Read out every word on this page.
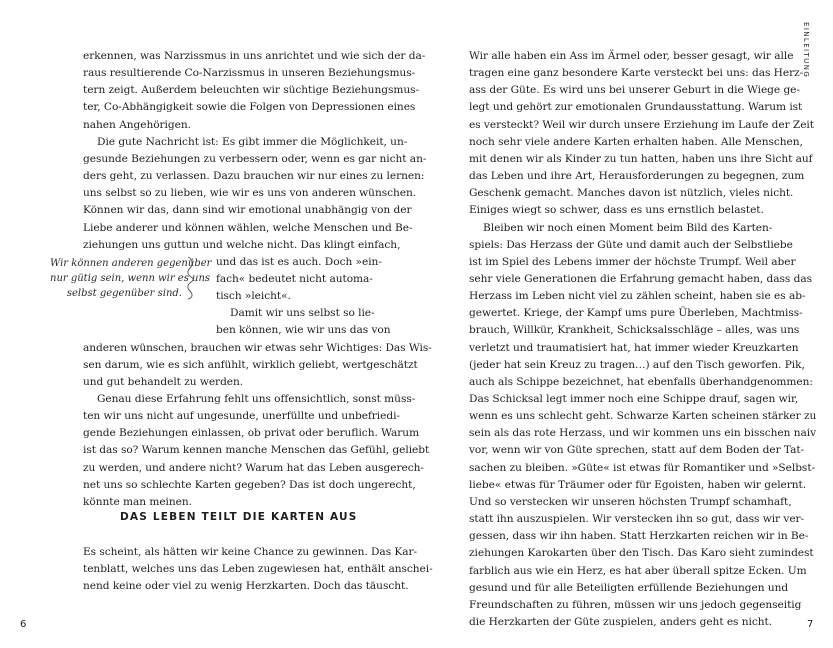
erkennen, was Narzissmus in uns anrichtet und wie sich der da-
raus resultierende Co-Narzissmus in unseren Beziehungsmus-
tern zeigt. Außerdem beleuchten wir süchtige Beziehungsmus-
ter, Co-Abhängigkeit sowie die Folgen von Depressionen eines
nahen Angehörigen.
Die gute Nachricht ist: Es gibt immer die Möglichkeit, un-
gesunde Beziehungen zu verbessern oder, wenn es gar nicht an-
ders geht, zu verlassen. Dazu brauchen wir nur eines zu lernen:
uns selbst so zu lieben, wie wir es uns von anderen wünschen.
Können wir das, dann sind wir emotional unabhängig von der
Liebe anderer und können wählen, welche Menschen und Be-
ziehungen uns guttun und welche nicht. Das klingt einfach,
und das ist es auch. Doch »ein-
fach« bedeutet nicht automa-
tisch »leicht«.
Damit wir uns selbst so lie-
ben können, wie wir uns das von
anderen wünschen, brauchen wir etwas sehr Wichtiges: Das Wis-
sen darum, wie es sich anfühlt, wirklich geliebt, wertgeschätzt
und gut behandelt zu werden.
Genau diese Erfahrung fehlt uns offensichtlich, sonst müss-
ten wir uns nicht auf ungesunde, unerfüllte und unbefriedi-
gende Beziehungen einlassen, ob privat oder beruflich. Warum
ist das so? Warum kennen manche Menschen das Gefühl, geliebt
zu werden, und andere nicht? Warum hat das Leben ausgerech-
net uns so schlechte Karten gegeben? Das ist doch ungerecht,
könnte man meinen.
Es scheint, als hätten wir keine Chance zu gewinnen. Das Kar-
tenblatt, welches uns das Leben zugewiesen hat, enthält anschei-
nend keine oder viel zu wenig Herzkarten. Doch das täuscht.
Wir können anderen gegenüber
nur gütig sein, wenn wir es uns
selbst gegenüber sind.
DAS LEBEN TEILT DIE KARTEN AUS
6
Wir alle haben ein Ass im Ärmel oder, besser gesagt, wir alle
tragen eine ganz besondere Karte versteckt bei uns: das Herz-
ass der Güte. Es wird uns bei unserer Geburt in die Wiege ge-
legt und gehört zur emotionalen Grundausstattung. Warum ist
es versteckt? Weil wir durch unsere Erziehung im Laufe der Zeit
noch sehr viele andere Karten erhalten haben. Alle Menschen,
mit denen wir als Kinder zu tun hatten, haben uns ihre Sicht auf
das Leben und ihre Art, Herausforderungen zu begegnen, zum
Geschenk gemacht. Manches davon ist nützlich, vieles nicht.
Einiges wiegt so schwer, dass es uns ernstlich belastet.
Bleiben wir noch einen Moment beim Bild des Karten-
spiels: Das Herzass der Güte und damit auch der Selbstliebe
ist im Spiel des Lebens immer der höchste Trumpf. Weil aber
sehr viele Generationen die Erfahrung gemacht haben, dass das
Herzass im Leben nicht viel zu zählen scheint, haben sie es ab-
gewertet. Kriege, der Kampf ums pure Überleben, Machtmiss-
brauch, Willkür, Krankheit, Schicksalsschläge – alles, was uns
verletzt und traumatisiert hat, hat immer wieder Kreuzkarten
(jeder hat sein Kreuz zu tragen…) auf den Tisch geworfen. Pik,
auch als Schippe bezeichnet, hat ebenfalls überhandgenommen:
Das Schicksal legt immer noch eine Schippe drauf, sagen wir,
wenn es uns schlecht geht. Schwarze Karten scheinen stärker zu
sein als das rote Herzass, und wir kommen uns ein bisschen naiv
vor, wenn wir von Güte sprechen, statt auf dem Boden der Tat-
sachen zu bleiben. »Güte« ist etwas für Romantiker und »Selbst-
liebe« etwas für Träumer oder für Egoisten, haben wir gelernt.
Und so verstecken wir unseren höchsten Trumpf schamhaft,
statt ihn auszuspielen. Wir verstecken ihn so gut, dass wir ver-
gessen, dass wir ihn haben. Statt Herzkarten reichen wir in Be-
ziehungen Karokarten über den Tisch. Das Karo sieht zumindest
farblich aus wie ein Herz, es hat aber überall spitze Ecken. Um
gesund und für alle Beteiligten erfüllende Beziehungen und
Freundschaften zu führen, müssen wir uns jedoch gegenseitig
die Herzkarten der Güte zuspielen, anders geht es nicht.	7
EINLEITUNG
